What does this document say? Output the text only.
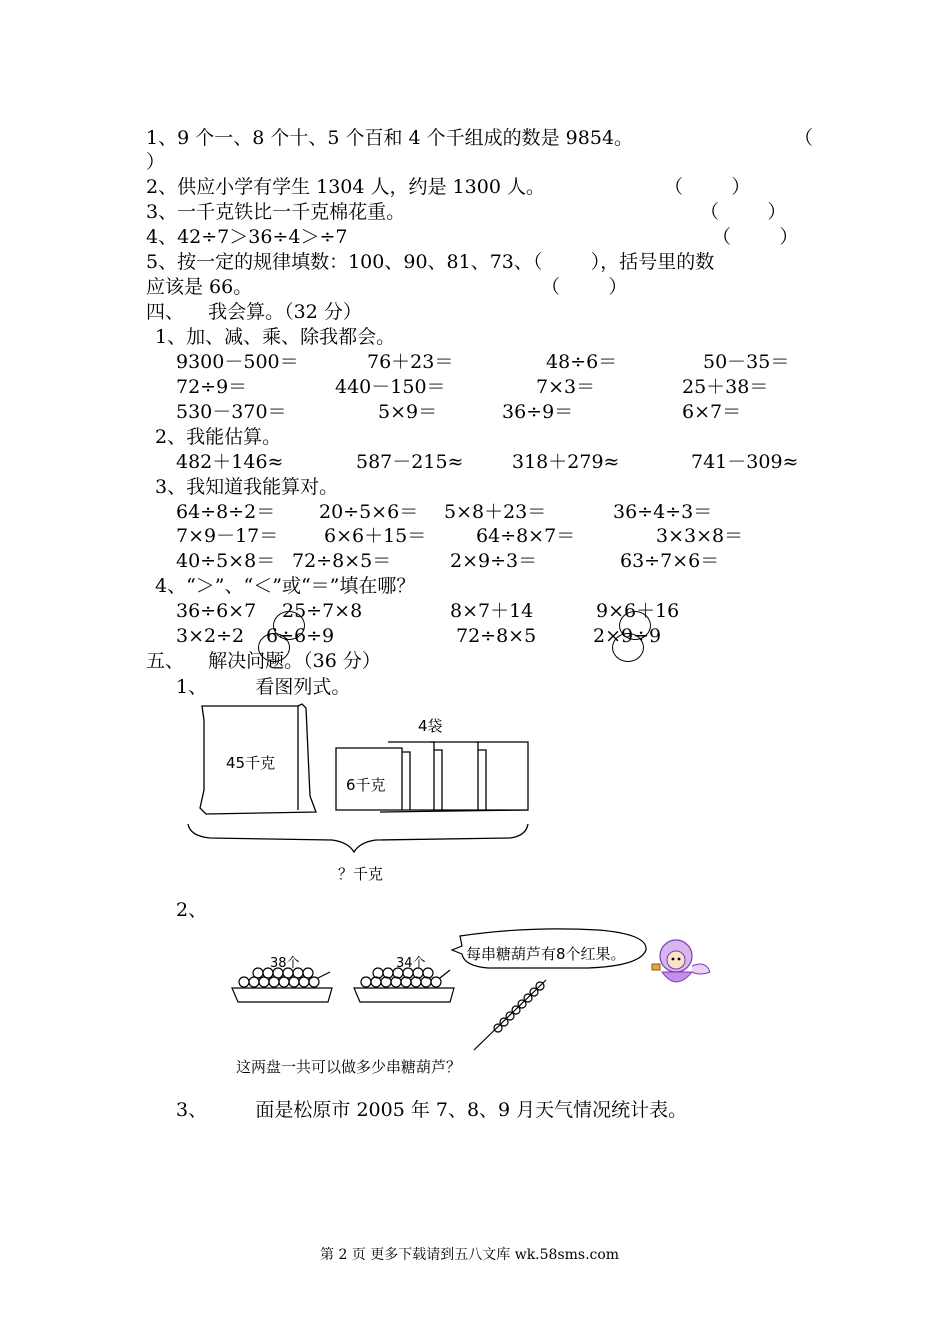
1、9 个一、8 个十、5 个百和 4 个千组成的数是 9854。	（
）
2、供应小学有学生 1304 人，约是 1300 人。	（        ）
3、一千克铁比一千克棉花重。	（        ）
4、42÷7＞36÷4＞÷7	（        ）
5、按一定的规律填数：100、90、81、73、（        ），括号里的数
应该是 66。	（        ）
四、    我会算。（32 分）
1、加、减、乘、除我都会。
9300－500＝	76＋23＝	48÷6＝	50－35＝
72÷9＝	440－150＝	7×3＝	25＋38＝
530－370＝	5×9＝	36÷9＝	6×7＝
2、我能估算。
482＋146≈	587－215≈	318＋279≈	741－309≈
3、我知道我能算对。
64÷8÷2＝ 20÷5×6＝ 5×8＋23＝	36÷4÷3＝
7×9－17＝ 6×6＋15＝	64÷8×7＝	3×3×8＝
40÷5×8＝ 72÷8×5＝	2×9÷3＝	63÷7×6＝
4、“＞”、“＜”或“＝”填在哪？
36÷6×7 25÷7×8	8×7＋14	9×6＋16
3×2÷2 6÷6÷9	72÷8×5	2×9÷9
五、    解决问题。（36 分）
1、        看图列式。
45千克
6千克
4袋
？千克
2、
38个	34个
每串糖葫芦有8个红果。
这两盘一共可以做多少串糖葫芦？
3、        面是松原市 2005 年 7、8、9 月天气情况统计表。
第 2 页 更多下载请到五八文库 wk.58sms.com
